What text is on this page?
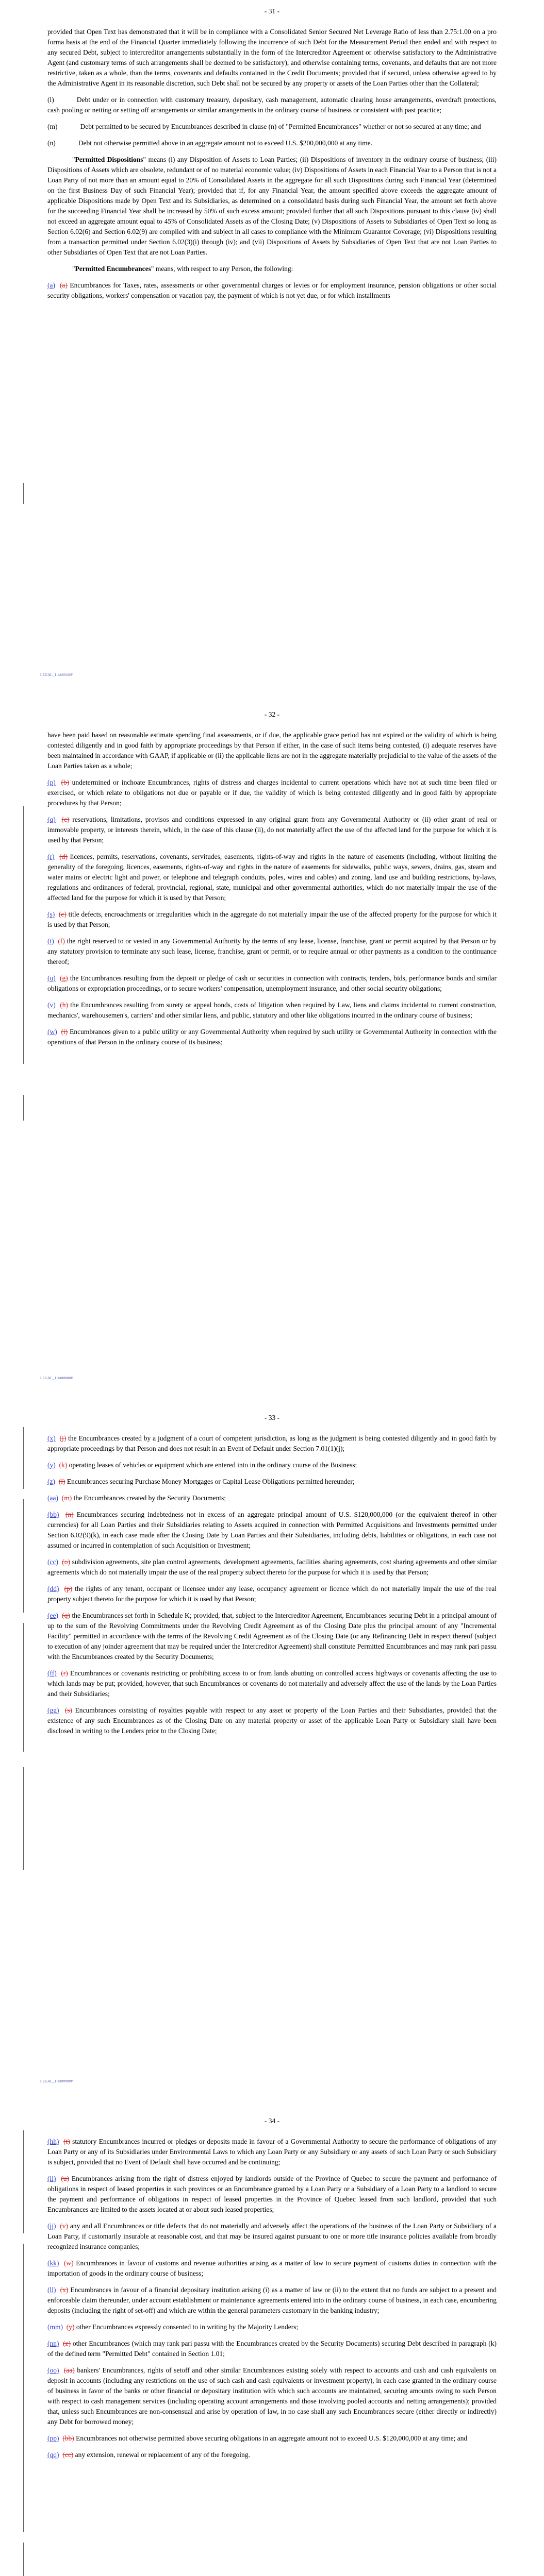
- 31 -

provided that Open Text has demonstrated that it will be in compliance with a Consolidated Senior Secured Net Leverage Ratio of less than 2.75:1.00 on a pro forma basis at the end of the Financial Quarter immediately following the incurrence of such Debt for the Measurement Period then ended and with respect to any secured Debt, subject to intercreditor arrangements substantially in the form of the Intercreditor Agreement or otherwise satisfactory to the Administrative Agent (and customary terms of such arrangements shall be deemed to be satisfactory), and otherwise containing terms, covenants, and defaults that are not more restrictive, taken as a whole, than the terms, covenants and defaults contained in the Credit Documents; provided that if secured, unless otherwise agreed to by the Administrative Agent in its reasonable discretion, such Debt shall not be secured by any property or assets of the Loan Parties other than the Collateral;

(l)	Debt under or in connection with customary treasury, depositary, cash management, automatic clearing house arrangements, overdraft protections, cash pooling or netting or setting off arrangements or similar arrangements in the ordinary course of business or consistent with past practice;

(m)	Debt permitted to be secured by Encumbrances described in clause (n) of "Permitted Encumbrances" whether or not so secured at any time; and

(n)	Debt not otherwise permitted above in an aggregate amount not to exceed U.S. $200,000,000 at any time.

"Permitted Dispositions" means (i) any Disposition of Assets to Loan Parties; (ii) Dispositions of inventory in the ordinary course of business; (iii) Dispositions of Assets which are obsolete, redundant or of no material economic value; (iv) Dispositions of Assets in each Financial Year to a Person that is not a Loan Party of not more than an amount equal to 20% of Consolidated Assets in the aggregate for all such Dispositions during such Financial Year (determined on the first Business Day of such Financial Year); provided that if, for any Financial Year, the amount specified above exceeds the aggregate amount of applicable Dispositions made by Open Text and its Subsidiaries, as determined on a consolidated basis during such Financial Year, the amount set forth above for the succeeding Financial Year shall be increased by 50% of such excess amount; provided further that all such Dispositions pursuant to this clause (iv) shall not exceed an aggregate amount equal to 45% of Consolidated Assets as of the Closing Date; (v) Dispositions of Assets to Subsidiaries of Open Text so long as Section 6.02(6) and Section 6.02(9) are complied with and subject in all cases to compliance with the Minimum Guarantor Coverage; (vi) Dispositions resulting from a transaction permitted under Section 6.02(3)(i) through (iv); and (vii) Dispositions of Assets by Subsidiaries of Open Text that are not Loan Parties to other Subsidiaries of Open Text that are not Loan Parties.

"Permitted Encumbrances" means, with respect to any Person, the following:

(a) (a) Encumbrances for Taxes, rates, assessments or other governmental charges or levies or for employment insurance, pension obligations or other social security obligations, workers' compensation or vacation pay, the payment of which is not yet due, or for which installments

LEGAL_1:########
- 32 -

have been paid based on reasonable estimate spending final assessments, or if due, the applicable grace period has not expired or the validity of which is being contested diligently and in good faith by appropriate proceedings by that Person if either, in the case of such items being contested, (i) adequate reserves have been maintained in accordance with GAAP, if applicable or (ii) the applicable liens are not in the aggregate materially prejudicial to the value of the assets of the Loan Parties taken as a whole;

(p) (b) undetermined or inchoate Encumbrances, rights of distress and charges incidental to current operations which have not at such time been filed or exercised, or which relate to obligations not due or payable or if due, the validity of which is being contested diligently and in good faith by appropriate procedures by that Person;

(q) (c) reservations, limitations, provisos and conditions expressed in any original grant from any Governmental Authority or (ii) other grant of real or immovable property, or interests therein, which, in the case of this clause (ii), do not materially affect the use of the affected land for the purpose for which it is used by that Person;

(r) (d) licences, permits, reservations, covenants, servitudes, easements, rights-of-way and rights in the nature of easements (including, without limiting the generality of the foregoing, licences, easements, rights-of-way and rights in the nature of easements for sidewalks, public ways, sewers, drains, gas, steam and water mains or electric light and power, or telephone and telegraph conduits, poles, wires and cables) and zoning, land use and building restrictions, by-laws, regulations and ordinances of federal, provincial, regional, state, municipal and other governmental authorities, which do not materially impair the use of the affected land for the purpose for which it is used by that Person;

(s) (e) title defects, encroachments or irregularities which in the aggregate do not materially impair the use of the affected property for the purpose for which it is used by that Person;

(t) (f) the right reserved to or vested in any Governmental Authority by the terms of any lease, license, franchise, grant or permit acquired by that Person or by any statutory provision to terminate any such lease, license, franchise, grant or permit, or to require annual or other payments as a condition to the continuance thereof;

(u) (g) the Encumbrances resulting from the deposit or pledge of cash or securities in connection with contracts, tenders, bids, performance bonds and similar obligations or expropriation proceedings, or to secure workers' compensation, unemployment insurance, and other social security obligations;

(v) (h) the Encumbrances resulting from surety or appeal bonds, costs of litigation when required by Law, liens and claims incidental to current construction, mechanics', warehousemen's, carriers' and other similar liens, and public, statutory and other like obligations incurred in the ordinary course of business;

(w) (i) Encumbrances given to a public utility or any Governmental Authority when required by such utility or Governmental Authority in connection with the operations of that Person in the ordinary course of its business;

LEGAL_1:########
- 33 -

(x) (j) the Encumbrances created by a judgment of a court of competent jurisdiction, as long as the judgment is being contested diligently and in good faith by appropriate proceedings by that Person and does not result in an Event of Default under Section 7.01(1)(j);

(y) (k) operating leases of vehicles or equipment which are entered into in the ordinary course of the Business;

(z) (l) Encumbrances securing Purchase Money Mortgages or Capital Lease Obligations permitted hereunder;

(aa) (m) the Encumbrances created by the Security Documents;

(bb) (n) Encumbrances securing indebtedness not in excess of an aggregate principal amount of U.S. $120,000,000 (or the equivalent thereof in other currencies) for all Loan Parties and their Subsidiaries relating to Assets acquired in connection with Permitted Acquisitions and Investments permitted under Section 6.02(9)(k), in each case made after the Closing Date by Loan Parties and their Subsidiaries, including debts, liabilities or obligations, in each case not assumed or incurred in contemplation of such Acquisition or Investment;

(cc) (o) subdivision agreements, site plan control agreements, development agreements, facilities sharing agreements, cost sharing agreements and other similar agreements which do not materially impair the use of the real property subject thereto for the purpose for which it is used by that Person;

(dd) (p) the rights of any tenant, occupant or licensee under any lease, occupancy agreement or licence which do not materially impair the use of the real property subject thereto for the purpose for which it is used by that Person;

(ee) (q) the Encumbrances set forth in Schedule K; provided, that, subject to the Intercreditor Agreement, Encumbrances securing Debt in a principal amount of up to the sum of the Revolving Commitments under the Revolving Credit Agreement as of the Closing Date plus the principal amount of any "Incremental Facility" permitted in accordance with the terms of the Revolving Credit Agreement as of the Closing Date (or any Refinancing Debt in respect thereof (subject to execution of any joinder agreement that may be required under the Intercreditor Agreement) shall constitute Permitted Encumbrances and may rank pari passu with the Encumbrances created by the Security Documents;

(ff) (r) Encumbrances or covenants restricting or prohibiting access to or from lands abutting on controlled access highways or covenants affecting the use to which lands may be put; provided, however, that such Encumbrances or covenants do not materially and adversely affect the use of the lands by the Loan Parties and their Subsidiaries;

(gg) (s) Encumbrances consisting of royalties payable with respect to any asset or property of the Loan Parties and their Subsidiaries, provided that the existence of any such Encumbrances as of the Closing Date on any material property or asset of the applicable Loan Party or Subsidiary shall have been disclosed in writing to the Lenders prior to the Closing Date;

LEGAL_1:########
- 34 -

(hh) (t) statutory Encumbrances incurred or pledges or deposits made in favour of a Governmental Authority to secure the performance of obligations of any Loan Party or any of its Subsidiaries under Environmental Laws to which any Loan Party or any Subsidiary or any assets of such Loan Party or such Subsidiary is subject, provided that no Event of Default shall have occurred and be continuing;

(ii) (u) Encumbrances arising from the right of distress enjoyed by landlords outside of the Province of Quebec to secure the payment and performance of obligations in respect of leased properties in such provinces or an Encumbrance granted by a Loan Party or a Subsidiary of a Loan Party to a landlord to secure the payment and performance of obligations in respect of leased properties in the Province of Quebec leased from such landlord, provided that such Encumbrances are limited to the assets located at or about such leased properties;

(jj) (v) any and all Encumbrances or title defects that do not materially and adversely affect the operations of the business of the Loan Party or Subsidiary of a Loan Party, if customarily insurable at reasonable cost, and that may be insured against pursuant to one or more title insurance policies available from broadly recognized insurance companies;

(kk) (w) Encumbrances in favour of customs and revenue authorities arising as a matter of law to secure payment of customs duties in connection with the importation of goods in the ordinary course of business;

(ll) (x) Encumbrances in favour of a financial depositary institution arising (i) as a matter of law or (ii) to the extent that no funds are subject to a present and enforceable claim thereunder, under account establishment or maintenance agreements entered into in the ordinary course of business, in each case, encumbering deposits (including the right of set-off) and which are within the general parameters customary in the banking industry;

(mm) (y) other Encumbrances expressly consented to in writing by the Majority Lenders;

(nn) (z) other Encumbrances (which may rank pari passu with the Encumbrances created by the Security Documents) securing Debt described in paragraph (k) of the defined term "Permitted Debt" contained in Section 1.01;

(oo) (aa) bankers' Encumbrances, rights of setoff and other similar Encumbrances existing solely with respect to accounts and cash and cash equivalents on deposit in accounts (including any restrictions on the use of such cash and cash equivalents or investment property), in each case granted in the ordinary course of business in favor of the banks or other financial or depositary institution with which such accounts are maintained, securing amounts owing to such Person with respect to cash management services (including operating account arrangements and those involving pooled accounts and netting arrangements); provided that, unless such Encumbrances are non-consensual and arise by operation of law, in no case shall any such Encumbrances secure (either directly or indirectly) any Debt for borrowed money;

(pp) (bb) Encumbrances not otherwise permitted above securing obligations in an aggregate amount not to exceed U.S. $120,000,000 at any time; and

(qq) (cc) any extension, renewal or replacement of any of the foregoing.
